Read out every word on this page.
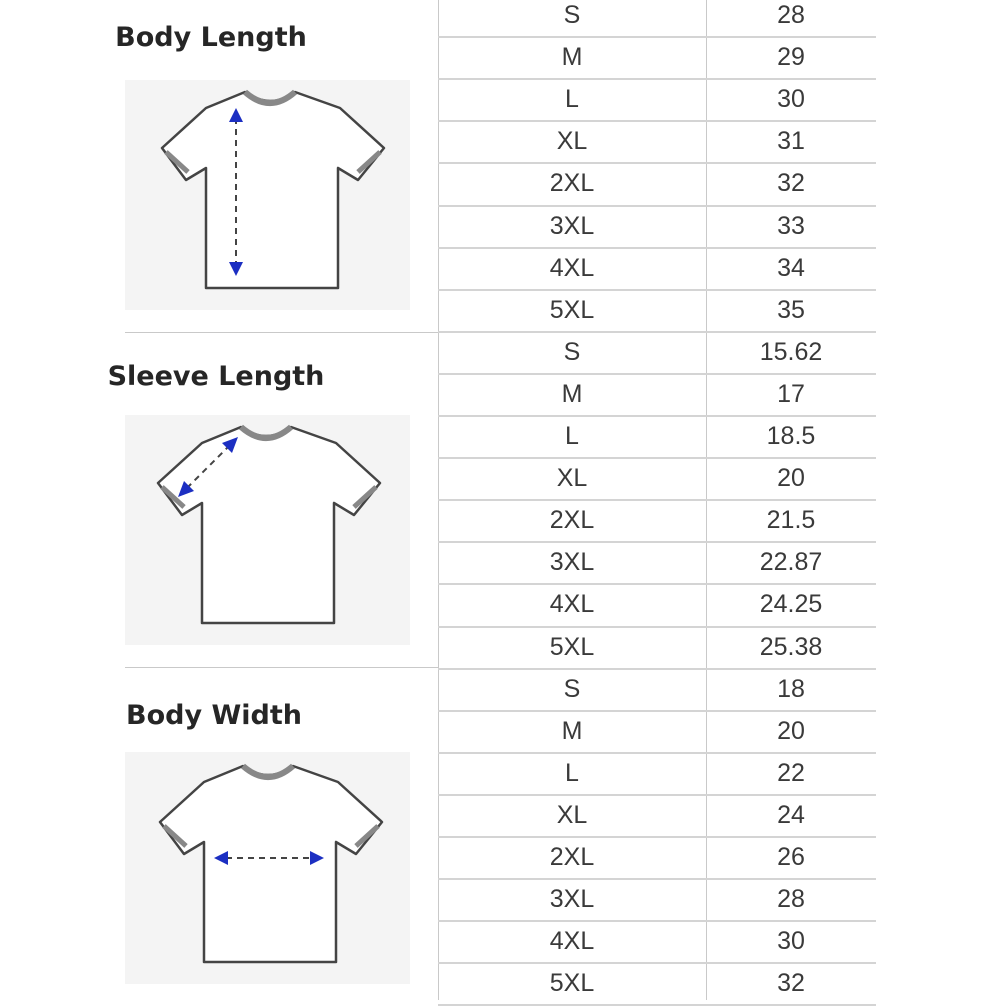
Body Length
Sleeve Length
Body Width
S	28
M	29
L	30
XL	31
2XL	32
3XL	33
4XL	34
5XL	35
S	15.62
M	17
L	18.5
XL	20
2XL	21.5
3XL	22.87
4XL	24.25
5XL	25.38
S	18
M	20
L	22
XL	24
2XL	26
3XL	28
4XL	30
5XL	32
